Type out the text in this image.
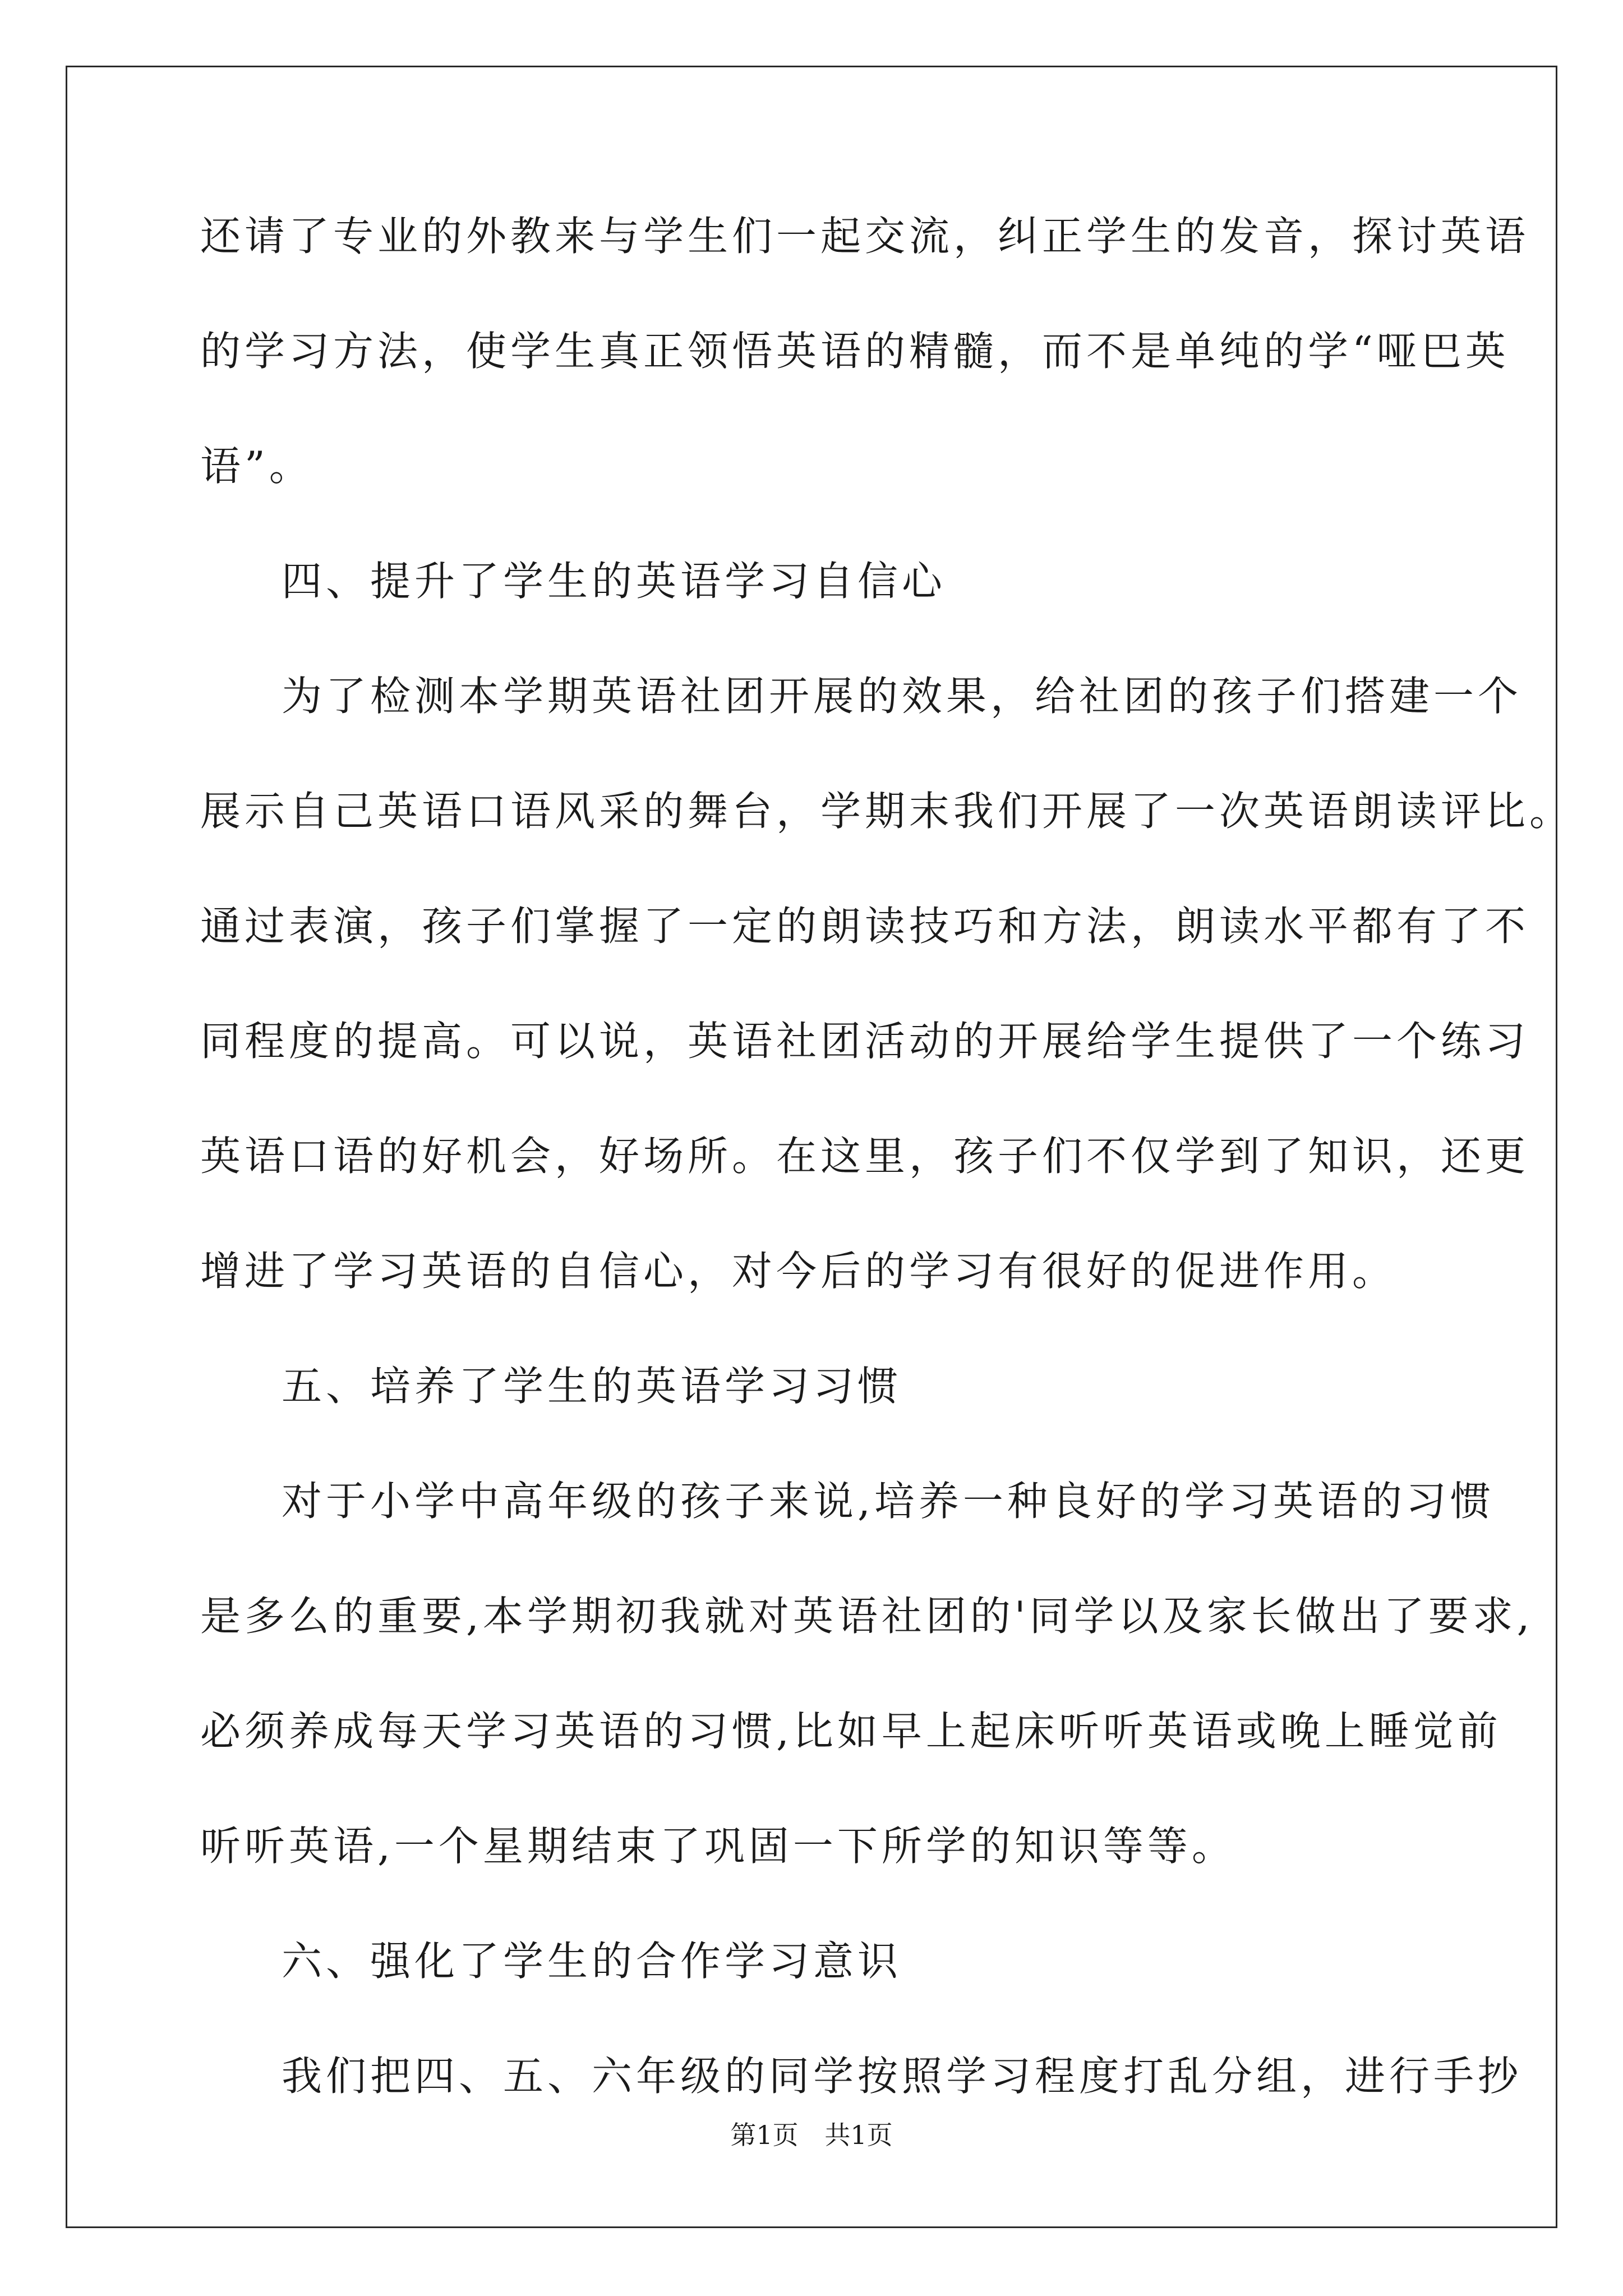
还请了专业的外教来与学生们一起交流，纠正学生的发音，探讨英语
的学习方法，使学生真正领悟英语的精髓，而不是单纯的学“哑巴英
语”。
四、提升了学生的英语学习自信心
为了检测本学期英语社团开展的效果，给社团的孩子们搭建一个
展示自己英语口语风采的舞台，学期末我们开展了一次英语朗读评比。
通过表演，孩子们掌握了一定的朗读技巧和方法，朗读水平都有了不
同程度的提高。可以说，英语社团活动的开展给学生提供了一个练习
英语口语的好机会，好场所。在这里，孩子们不仅学到了知识，还更
增进了学习英语的自信心，对今后的学习有很好的促进作用。
五、培养了学生的英语学习习惯
对于小学中高年级的孩子来说,培养一种良好的学习英语的习惯
是多么的重要,本学期初我就对英语社团的'同学以及家长做出了要求,
必须养成每天学习英语的习惯,比如早上起床听听英语或晚上睡觉前
听听英语,一个星期结束了巩固一下所学的知识等等。
六、强化了学生的合作学习意识
我们把四、五、六年级的同学按照学习程度打乱分组，进行手抄
第1页 共1页
